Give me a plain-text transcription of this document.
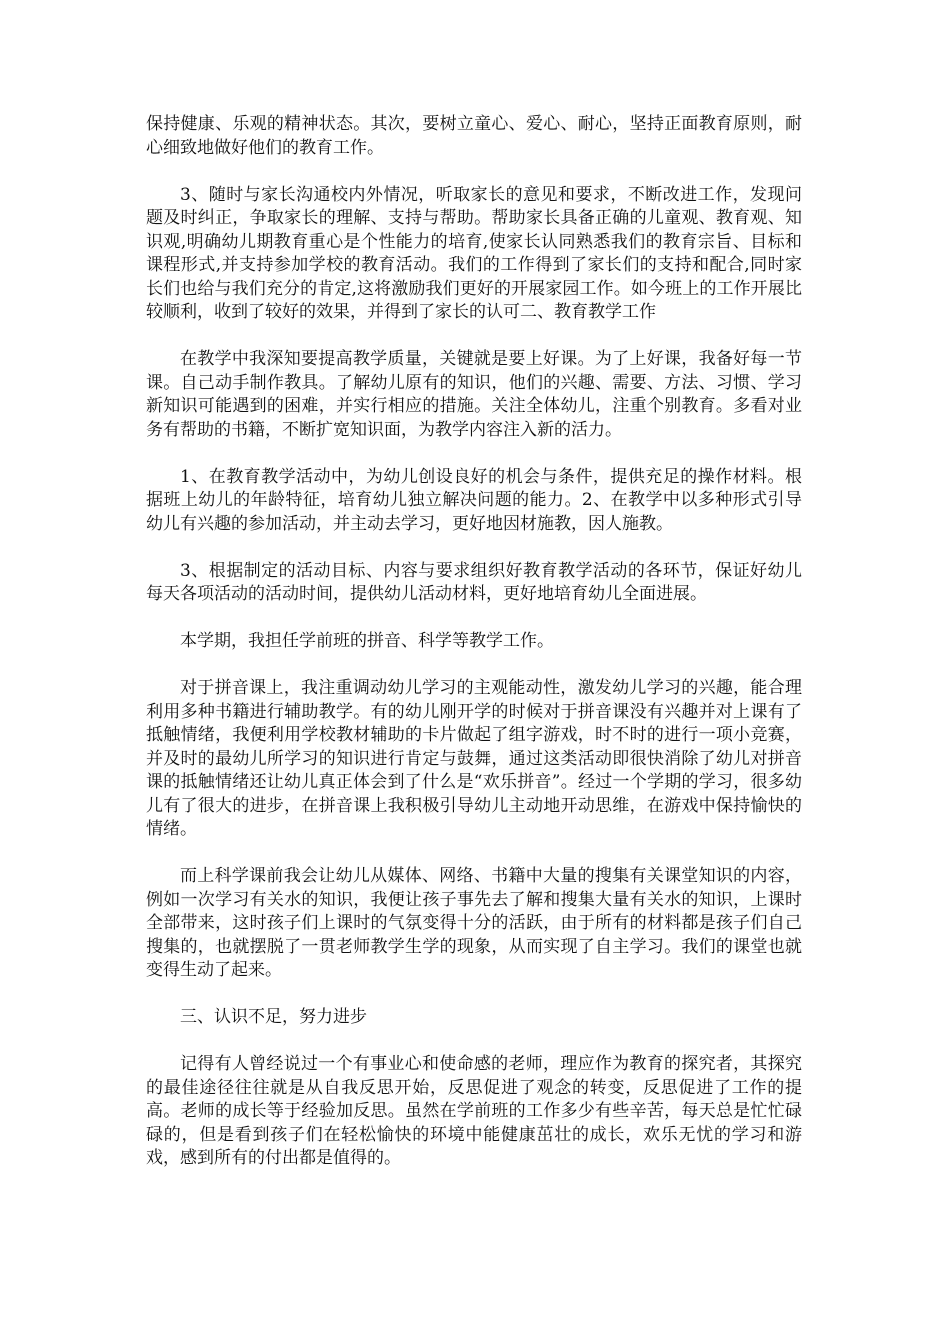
保持健康、乐观的精神状态。其次，要树立童心、爱心、耐心，坚持正面教育原则，耐心细致地做好他们的教育工作。

3、随时与家长沟通校内外情况，听取家长的意见和要求，不断改进工作，发现问题及时纠正，争取家长的理解、支持与帮助。帮助家长具备正确的儿童观、教育观、知识观,明确幼儿期教育重心是个性能力的培育,使家长认同熟悉我们的教育宗旨、目标和课程形式,并支持参加学校的教育活动。我们的工作得到了家长们的支持和配合,同时家长们也给与我们充分的肯定,这将激励我们更好的开展家园工作。如今班上的工作开展比较顺利，收到了较好的效果，并得到了家长的认可二、教育教学工作

在教学中我深知要提高教学质量，关键就是要上好课。为了上好课，我备好每一节课。自己动手制作教具。了解幼儿原有的知识，他们的兴趣、需要、方法、习惯、学习新知识可能遇到的困难，并实行相应的措施。关注全体幼儿，注重个别教育。多看对业务有帮助的书籍，不断扩宽知识面，为教学内容注入新的活力。

1、在教育教学活动中，为幼儿创设良好的机会与条件，提供充足的操作材料。根据班上幼儿的年龄特征，培育幼儿独立解决问题的能力。2、在教学中以多种形式引导幼儿有兴趣的参加活动，并主动去学习，更好地因材施教，因人施教。

3、根据制定的活动目标、内容与要求组织好教育教学活动的各环节，保证好幼儿每天各项活动的活动时间，提供幼儿活动材料，更好地培育幼儿全面进展。

本学期，我担任学前班的拼音、科学等教学工作。

对于拼音课上，我注重调动幼儿学习的主观能动性，激发幼儿学习的兴趣，能合理利用多种书籍进行辅助教学。有的幼儿刚开学的时候对于拼音课没有兴趣并对上课有了抵触情绪，我便利用学校教材辅助的卡片做起了组字游戏，时不时的进行一项小竞赛，并及时的最幼儿所学习的知识进行肯定与鼓舞，通过这类活动即很快消除了幼儿对拼音课的抵触情绪还让幼儿真正体会到了什么是“欢乐拼音”。经过一个学期的学习，很多幼儿有了很大的进步，在拼音课上我积极引导幼儿主动地开动思维，在游戏中保持愉快的情绪。

而上科学课前我会让幼儿从媒体、网络、书籍中大量的搜集有关课堂知识的内容，例如一次学习有关水的知识，我便让孩子事先去了解和搜集大量有关水的知识，上课时全部带来，这时孩子们上课时的气氛变得十分的活跃，由于所有的材料都是孩子们自己搜集的，也就摆脱了一贯老师教学生学的现象，从而实现了自主学习。我们的课堂也就变得生动了起来。

三、认识不足，努力进步

记得有人曾经说过一个有事业心和使命感的老师，理应作为教育的探究者，其探究的最佳途径往往就是从自我反思开始，反思促进了观念的转变，反思促进了工作的提高。老师的成长等于经验加反思。虽然在学前班的工作多少有些辛苦，每天总是忙忙碌碌的，但是看到孩子们在轻松愉快的环境中能健康茁壮的成长，欢乐无忧的学习和游戏，感到所有的付出都是值得的。
